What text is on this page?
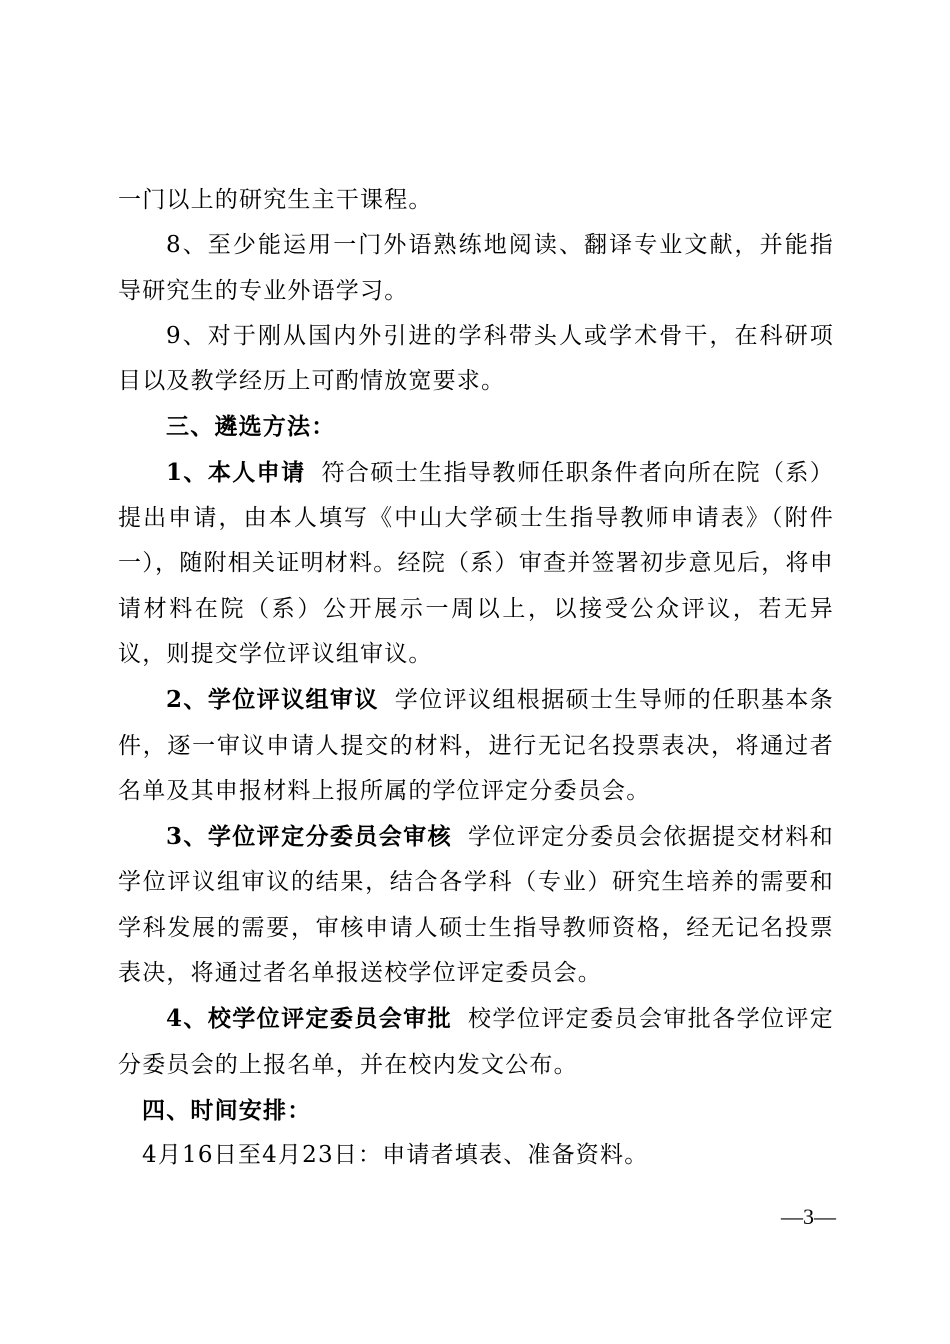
一门以上的研究生主干课程。

8、至少能运用一门外语熟练地阅读、翻译专业文献，并能指导研究生的专业外语学习。

9、对于刚从国内外引进的学科带头人或学术骨干，在科研项目以及教学经历上可酌情放宽要求。

三、遴选方法：

1、本人申请 符合硕士生指导教师任职条件者向所在院（系）提出申请，由本人填写《中山大学硕士生指导教师申请表》（附件一），随附相关证明材料。经院（系）审查并签署初步意见后，将申请材料在院（系）公开展示一周以上，以接受公众评议，若无异议，则提交学位评议组审议。

2、学位评议组审议 学位评议组根据硕士生导师的任职基本条件，逐一审议申请人提交的材料，进行无记名投票表决，将通过者名单及其申报材料上报所属的学位评定分委员会。

3、学位评定分委员会审核 学位评定分委员会依据提交材料和学位评议组审议的结果，结合各学科（专业）研究生培养的需要和学科发展的需要，审核申请人硕士生指导教师资格，经无记名投票表决，将通过者名单报送校学位评定委员会。

4、校学位评定委员会审批 校学位评定委员会审批各学位评定分委员会的上报名单，并在校内发文公布。

四、时间安排：

4月16日至4月23日：申请者填表、准备资料。

—3—
